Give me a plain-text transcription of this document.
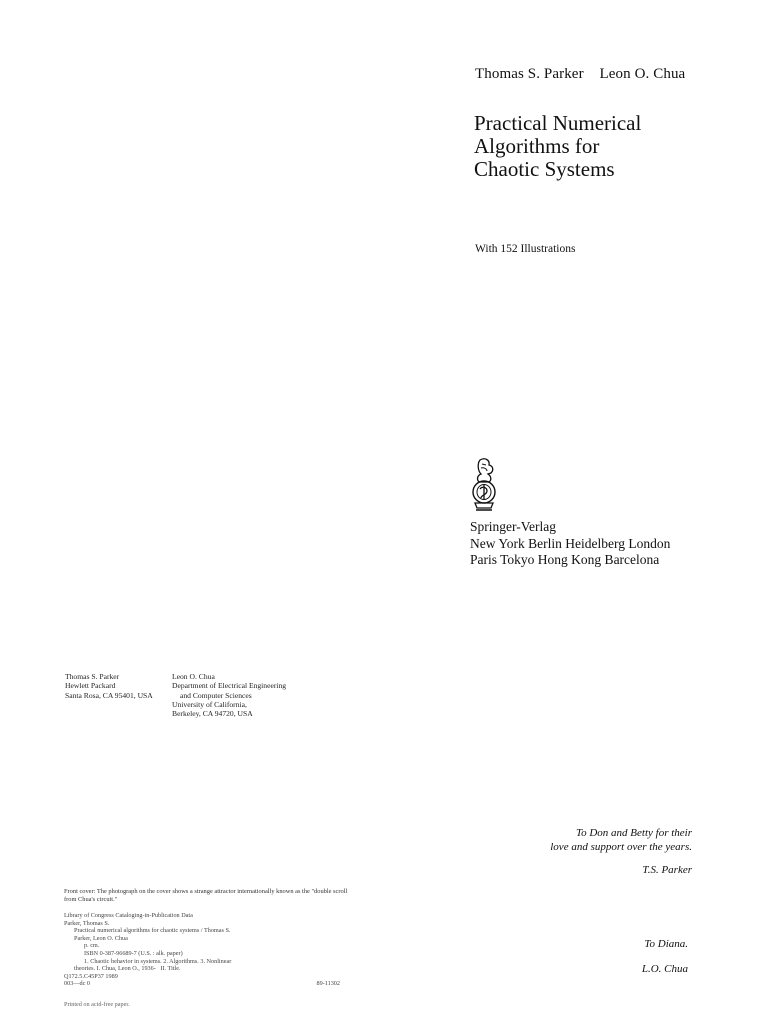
Thomas S. Parker Leon O. Chua
Practical Numerical
Algorithms for
Chaotic Systems
With 152 Illustrations
Springer-Verlag
New York Berlin Heidelberg London
Paris Tokyo Hong Kong Barcelona
Thomas S. Parker
Hewlett Packard
Santa Rosa, CA 95401, USA
Leon O. Chua
Department of Electrical Engineering
and Computer Sciences
University of California,
Berkeley, CA 94720, USA
To Don and Betty for their
love and support over the years.
T.S. Parker
To Diana.
L.O. Chua
Front cover: The photograph on the cover shows a strange attractor internationally known as the "double scroll from Chua's circuit."
Library of Congress Cataloging-in-Publication Data
Parker, Thomas S.
Practical numerical algorithms for chaotic systems / Thomas S.
Parker, Leon O. Chua
p. cm.
ISBN 0-387-96689-7 (U.S. : alk. paper)
1. Chaotic behavior in systems. 2. Algorithms. 3. Nonlinear
theories. I. Chua, Leon O., 1936- II. Title.
Q172.5.C45P37 1989
003—dc 0	89-11302
Printed on acid-free paper.
